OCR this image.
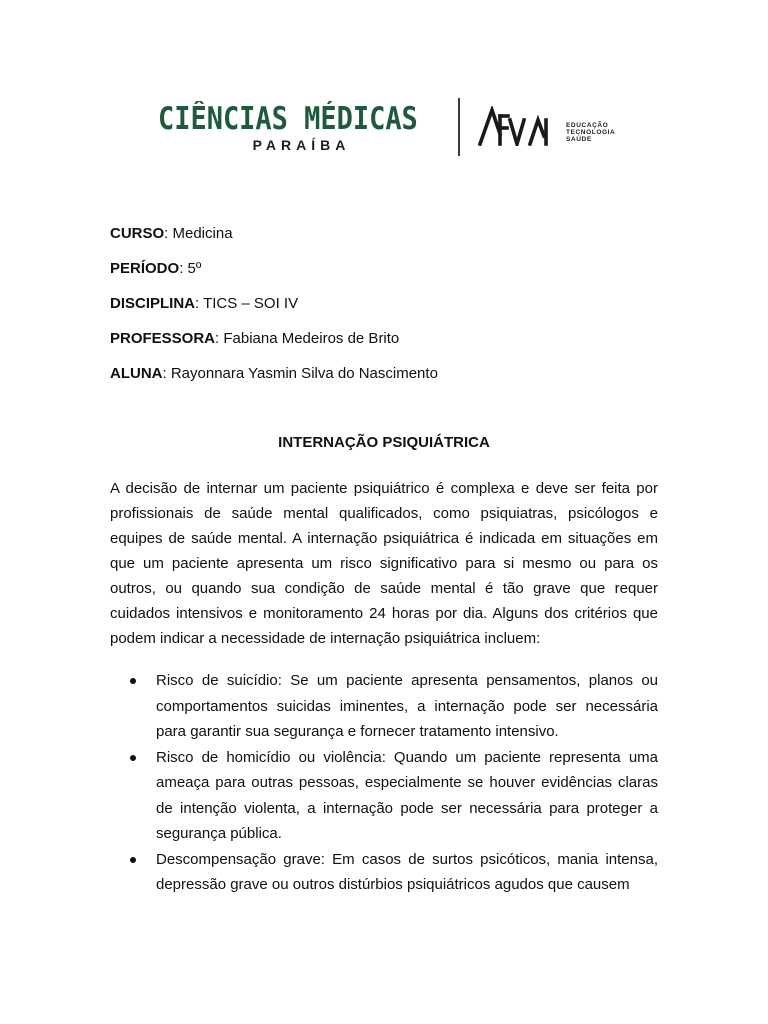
CIÊNCIAS MÉDICAS
PARAÍBA
EDUCAÇÃO
TECNOLOGIA
SAÚDE
CURSO: Medicina
PERÍODO: 5º
DISCIPLINA: TICS – SOI IV
PROFESSORA: Fabiana Medeiros de Brito
ALUNA: Rayonnara Yasmin Silva do Nascimento
INTERNAÇÃO PSIQUIÁTRICA

A decisão de internar um paciente psiquiátrico é complexa e deve ser feita por profissionais de saúde mental qualificados, como psiquiatras, psicólogos e equipes de saúde mental. A internação psiquiátrica é indicada em situações em que um paciente apresenta um risco significativo para si mesmo ou para os outros, ou quando sua condição de saúde mental é tão grave que requer cuidados intensivos e monitoramento 24 horas por dia. Alguns dos critérios que podem indicar a necessidade de internação psiquiátrica incluem:

Risco de suicídio: Se um paciente apresenta pensamentos, planos ou comportamentos suicidas iminentes, a internação pode ser necessária para garantir sua segurança e fornecer tratamento intensivo.
Risco de homicídio ou violência: Quando um paciente representa uma ameaça para outras pessoas, especialmente se houver evidências claras de intenção violenta, a internação pode ser necessária para proteger a segurança pública.
Descompensação grave: Em casos de surtos psicóticos, mania intensa, depressão grave ou outros distúrbios psiquiátricos agudos que causem
